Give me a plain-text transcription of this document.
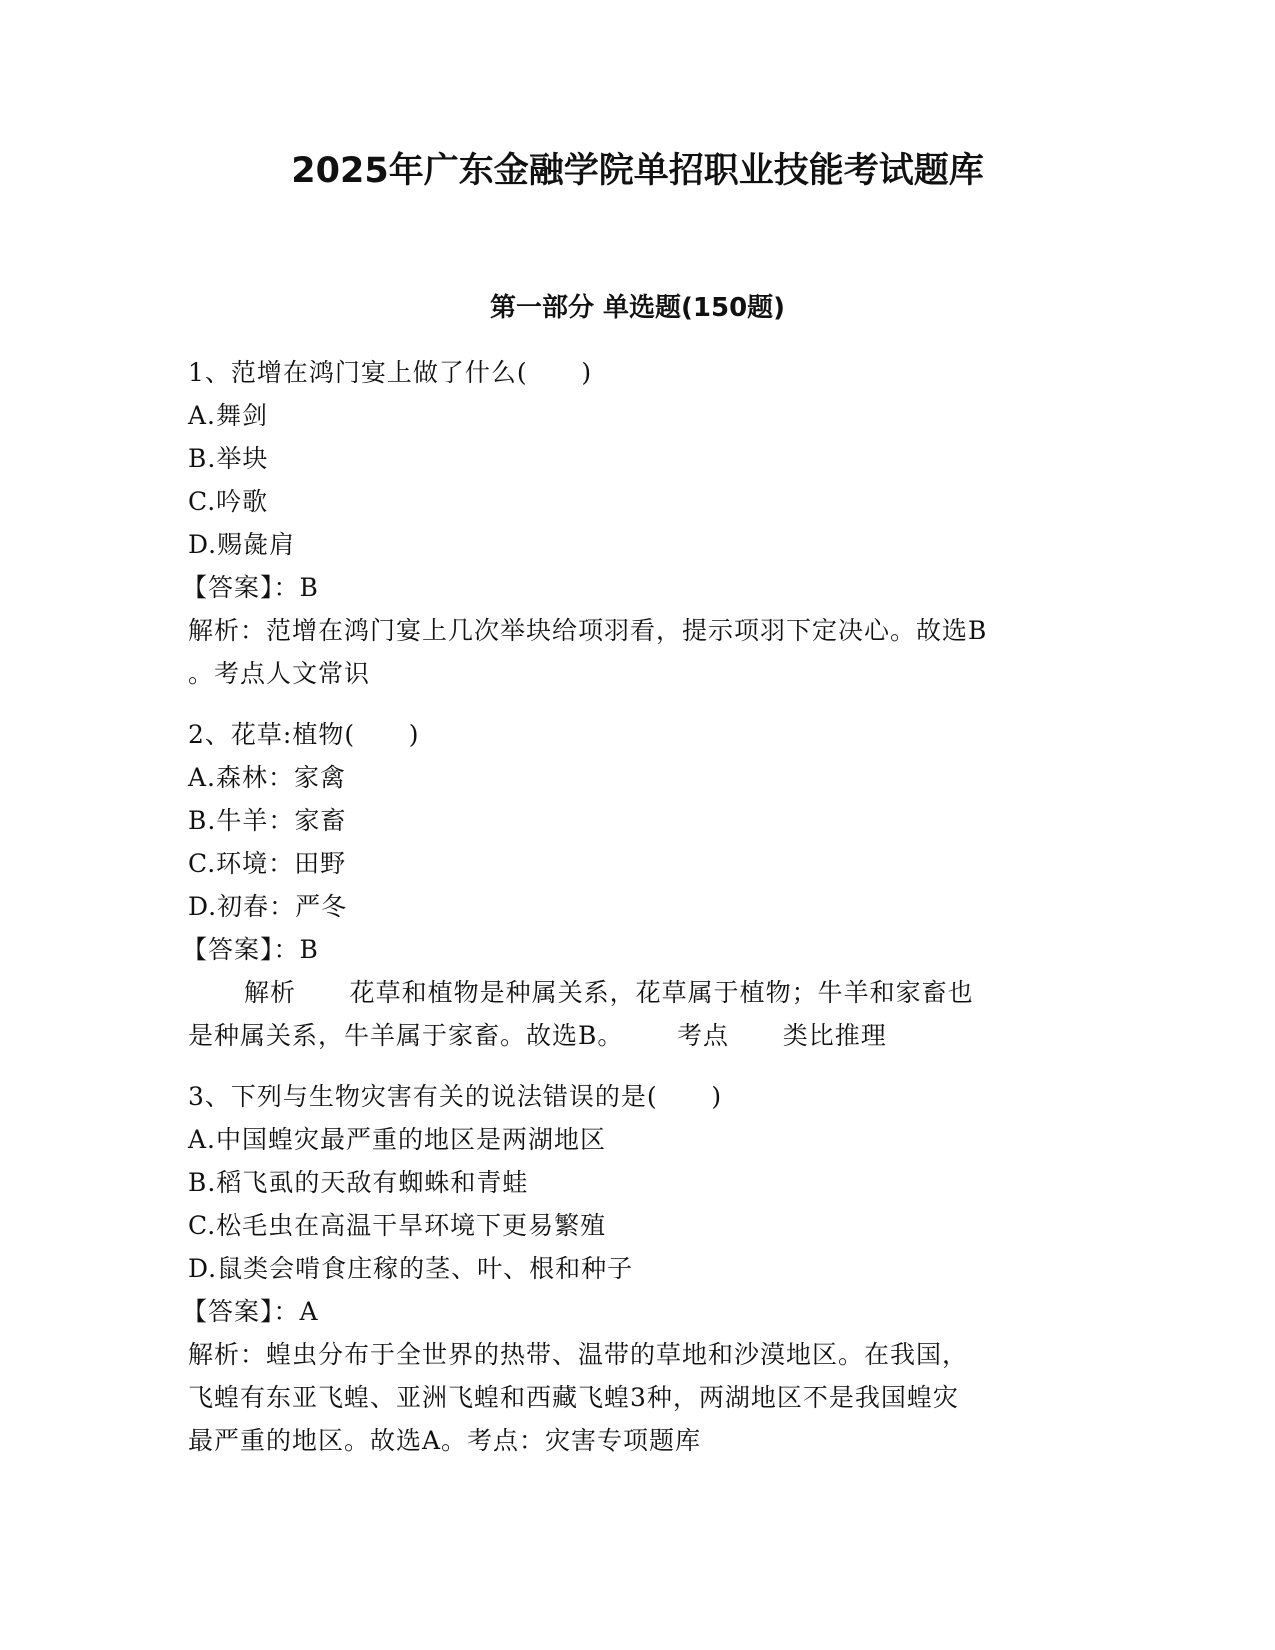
2025年广东金融学院单招职业技能考试题库
第一部分 单选题(150题)
1、范增在鸿门宴上做了什么(      )
A.舞剑
B.举块
C.吟歌
D.赐彘肩
【答案】：B
解析：范增在鸿门宴上几次举块给项羽看，提示项羽下定决心。故选B
。考点人文常识
2、花草:植物(      )
A.森林：家禽
B.牛羊：家畜
C.环境：田野
D.初春：严冬
【答案】：B
解析      花草和植物是种属关系，花草属于植物；牛羊和家畜也
是种属关系，牛羊属于家畜。故选B。      考点      类比推理
3、下列与生物灾害有关的说法错误的是(      )
A.中国蝗灾最严重的地区是两湖地区
B.稻飞虱的天敌有蜘蛛和青蛙
C.松毛虫在高温干旱环境下更易繁殖
D.鼠类会啃食庄稼的茎、叶、根和种子
【答案】：A
解析：蝗虫分布于全世界的热带、温带的草地和沙漠地区。在我国，
飞蝗有东亚飞蝗、亚洲飞蝗和西藏飞蝗3种，两湖地区不是我国蝗灾
最严重的地区。故选A。考点：灾害专项题库
